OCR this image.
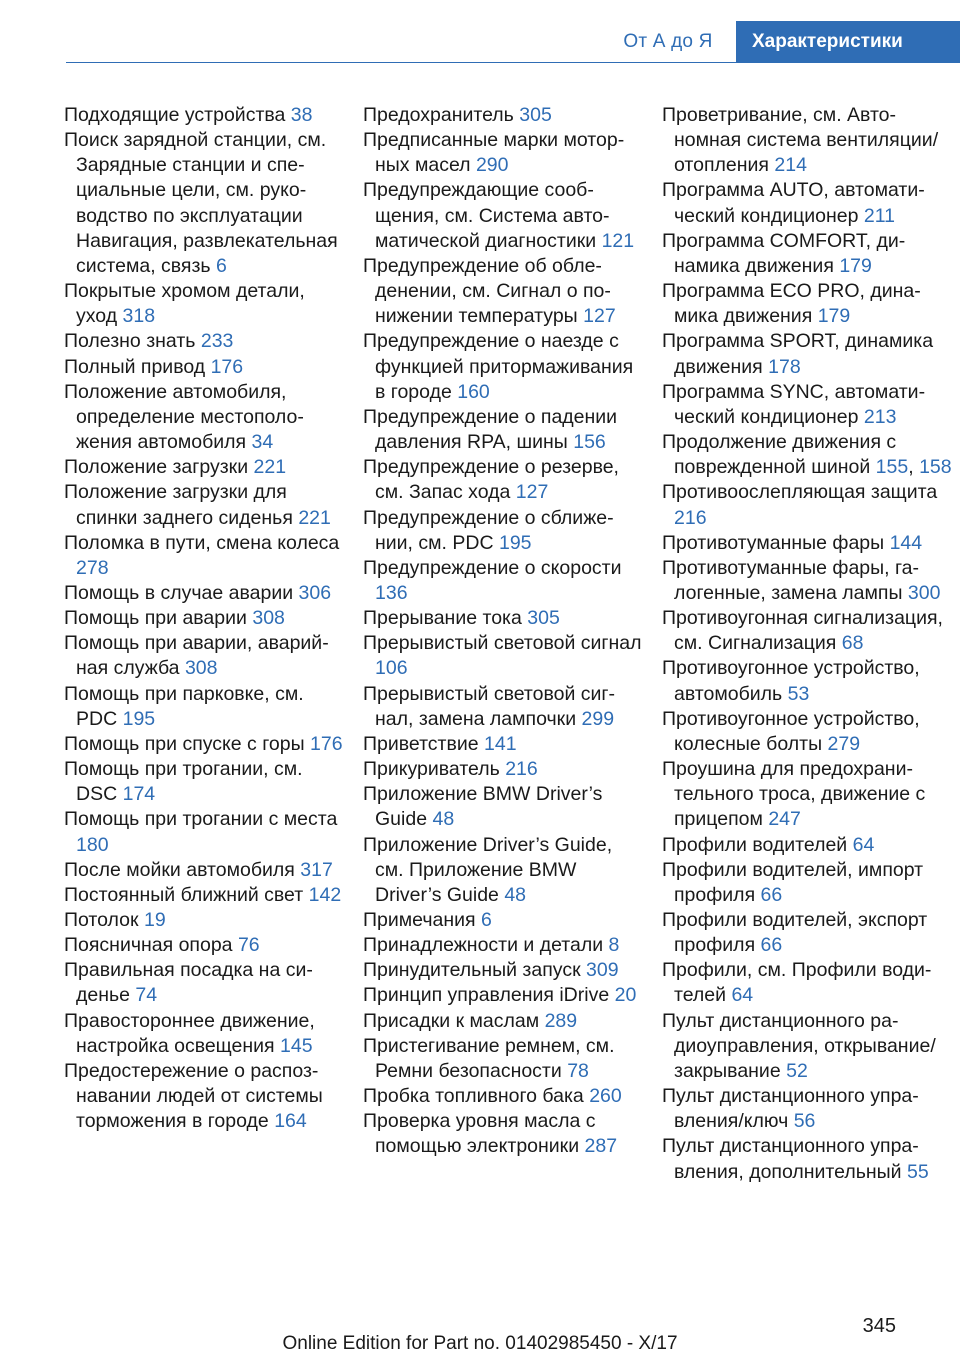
От А до Я	Характеристики
Подходящие устройства 38
Поиск зарядной станции, см. Зарядные станции и специальные цели, см. руководство по эксплуатации Навигация, развлекательная система, связь 6
Покрытые хромом детали, уход 318
Полезно знать 233
Полный привод 176
Положение автомобиля, определение местоположения автомобиля 34
Положение загрузки 221
Положение загрузки для спинки заднего сиденья 221
Поломка в пути, смена колеса 278
Помощь в случае аварии 306
Помощь при аварии 308
Помощь при аварии, аварийная служба 308
Помощь при парковке, см. PDC 195
Помощь при спуске с горы 176
Помощь при трогании, см. DSC 174
Помощь при трогании с места 180
После мойки автомобиля 317
Постоянный ближний свет 142
Потолок 19
Поясничная опора 76
Правильная посадка на сиденье 74
Правостороннее движение, настройка освещения 145
Предостережение о распознавании людей от системы торможения в городе 164
Предохранитель 305
Предписанные марки моторных масел 290
Предупреждающие сообщения, см. Система автоматической диагностики 121
Предупреждение об обледенении, см. Сигнал о понижении температуры 127
Предупреждение о наезде с функцией притормаживания в городе 160
Предупреждение о падении давления RPA, шины 156
Предупреждение о резерве, см. Запас хода 127
Предупреждение о сближении, см. PDC 195
Предупреждение о скорости 136
Прерывание тока 305
Прерывистый световой сигнал 106
Прерывистый световой сигнал, замена лампочки 299
Приветствие 141
Прикуриватель 216
Приложение BMW Driver’s Guide 48
Приложение Driver’s Guide, см. Приложение BMW Driver’s Guide 48
Примечания 6
Принадлежности и детали 8
Принудительный запуск 309
Принцип управления iDrive 20
Присадки к маслам 289
Пристегивание ремнем, см. Ремни безопасности 78
Пробка топливного бака 260
Проверка уровня масла с помощью электроники 287
Проветривание, см. Автономная система вентиляции/отопления 214
Программа AUTO, автоматический кондиционер 211
Программа COMFORT, динамика движения 179
Программа ECO PRO, динамика движения 179
Программа SPORT, динамика движения 178
Программа SYNC, автоматический кондиционер 213
Продолжение движения с поврежденной шиной 155, 158
Противоослепляющая защита 216
Противотуманные фары 144
Противотуманные фары, галогенные, замена лампы 300
Противоугонная сигнализация, см. Сигнализация 68
Противоугонное устройство, автомобиль 53
Противоугонное устройство, колесные болты 279
Проушина для предохранительного троса, движение с прицепом 247
Профили водителей 64
Профили водителей, импорт профиля 66
Профили водителей, экспорт профиля 66
Профили, см. Профили водителей 64
Пульт дистанционного радиоуправления, открывание/закрывание 52
Пульт дистанционного управления/ключ 56
Пульт дистанционного управления, дополнительный 55
345
Online Edition for Part no. 01402985450 - X/17
